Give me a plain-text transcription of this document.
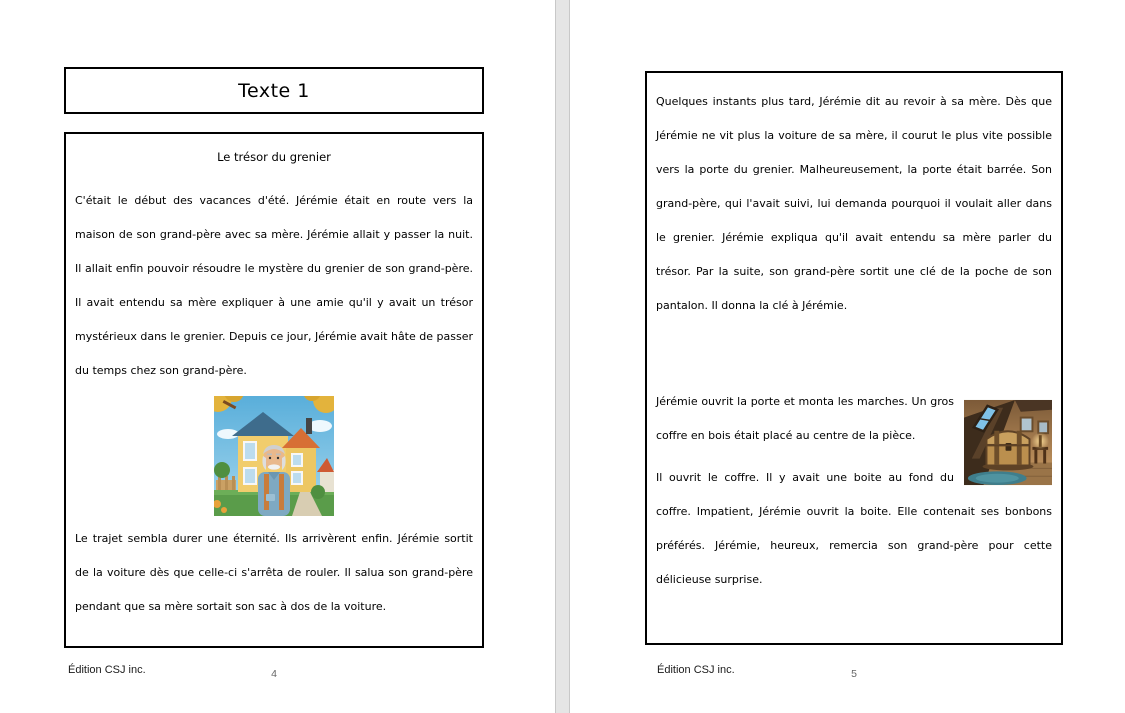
Texte 1
Le trésor du grenier

C'était le début des vacances d'été. Jérémie était en route vers la maison de son grand-père avec sa mère. Jérémie allait y passer la nuit. Il allait enfin pouvoir résoudre le mystère du grenier de son grand-père. Il avait entendu sa mère expliquer à une amie qu'il y avait un trésor mystérieux dans le grenier. Depuis ce jour, Jérémie avait hâte de passer du temps chez son grand-père.

Le trajet sembla durer une éternité. Ils arrivèrent enfin. Jérémie sortit de la voiture dès que celle-ci s'arrêta de rouler. Il salua son grand-père pendant que sa mère sortait son sac à dos de la voiture.

Édition CSJ inc.	4

Quelques instants plus tard, Jérémie dit au revoir à sa mère. Dès que Jérémie ne vit plus la voiture de sa mère, il courut le plus vite possible vers la porte du grenier. Malheureusement, la porte était barrée. Son grand-père, qui l'avait suivi, lui demanda pourquoi il voulait aller dans le grenier. Jérémie expliqua qu'il avait entendu sa mère parler du trésor. Par la suite, son grand-père sortit une clé de la poche de son pantalon. Il donna la clé à Jérémie.

Jérémie ouvrit la porte et monta les marches. Un gros coffre en bois était placé au centre de la pièce.

Il ouvrit le coffre. Il y avait une boite au fond du coffre. Impatient, Jérémie ouvrit la boite. Elle contenait ses bonbons préférés. Jérémie, heureux, remercia son grand-père pour cette délicieuse surprise.

Édition CSJ inc.	5
